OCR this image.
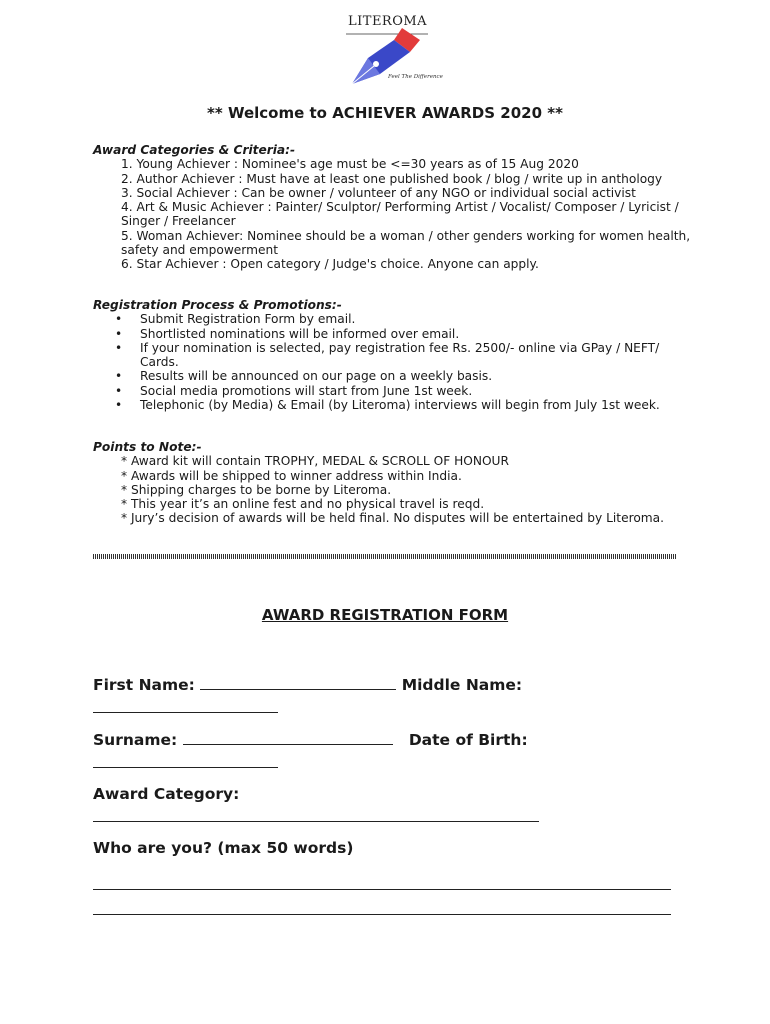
LITEROMA
Feel The Difference
** Welcome to ACHIEVER AWARDS 2020 **
Award Categories & Criteria:-
1. Young Achiever : Nominee's age must be <=30 years as of 15 Aug 2020
2. Author Achiever : Must have at least one published book / blog / write up in anthology
3. Social Achiever : Can be owner / volunteer of any NGO or individual social activist
4. Art & Music Achiever : Painter/ Sculptor/ Performing Artist / Vocalist/ Composer / Lyricist / Singer / Freelancer
5. Woman Achiever: Nominee should be a woman / other genders working for women health, safety and empowerment
6. Star Achiever : Open category / Judge's choice. Anyone can apply.
Registration Process & Promotions:-
• Submit Registration Form by email.
• Shortlisted nominations will be informed over email.
• If your nomination is selected, pay registration fee Rs. 2500/- online via GPay / NEFT/ Cards.
• Results will be announced on our page on a weekly basis.
• Social media promotions will start from June 1st week.
• Telephonic (by Media) & Email (by Literoma) interviews will begin from July 1st week.
Points to Note:-
* Award kit will contain TROPHY, MEDAL & SCROLL OF HONOUR
* Awards will be shipped to winner address within India.
* Shipping charges to be borne by Literoma.
* This year it’s an online fest and no physical travel is reqd.
* Jury’s decision of awards will be held final. No disputes will be entertained by Literoma.
AWARD REGISTRATION FORM
First Name:	Middle Name:
Surname:	Date of Birth:
Award Category:
Who are you? (max 50 words)
